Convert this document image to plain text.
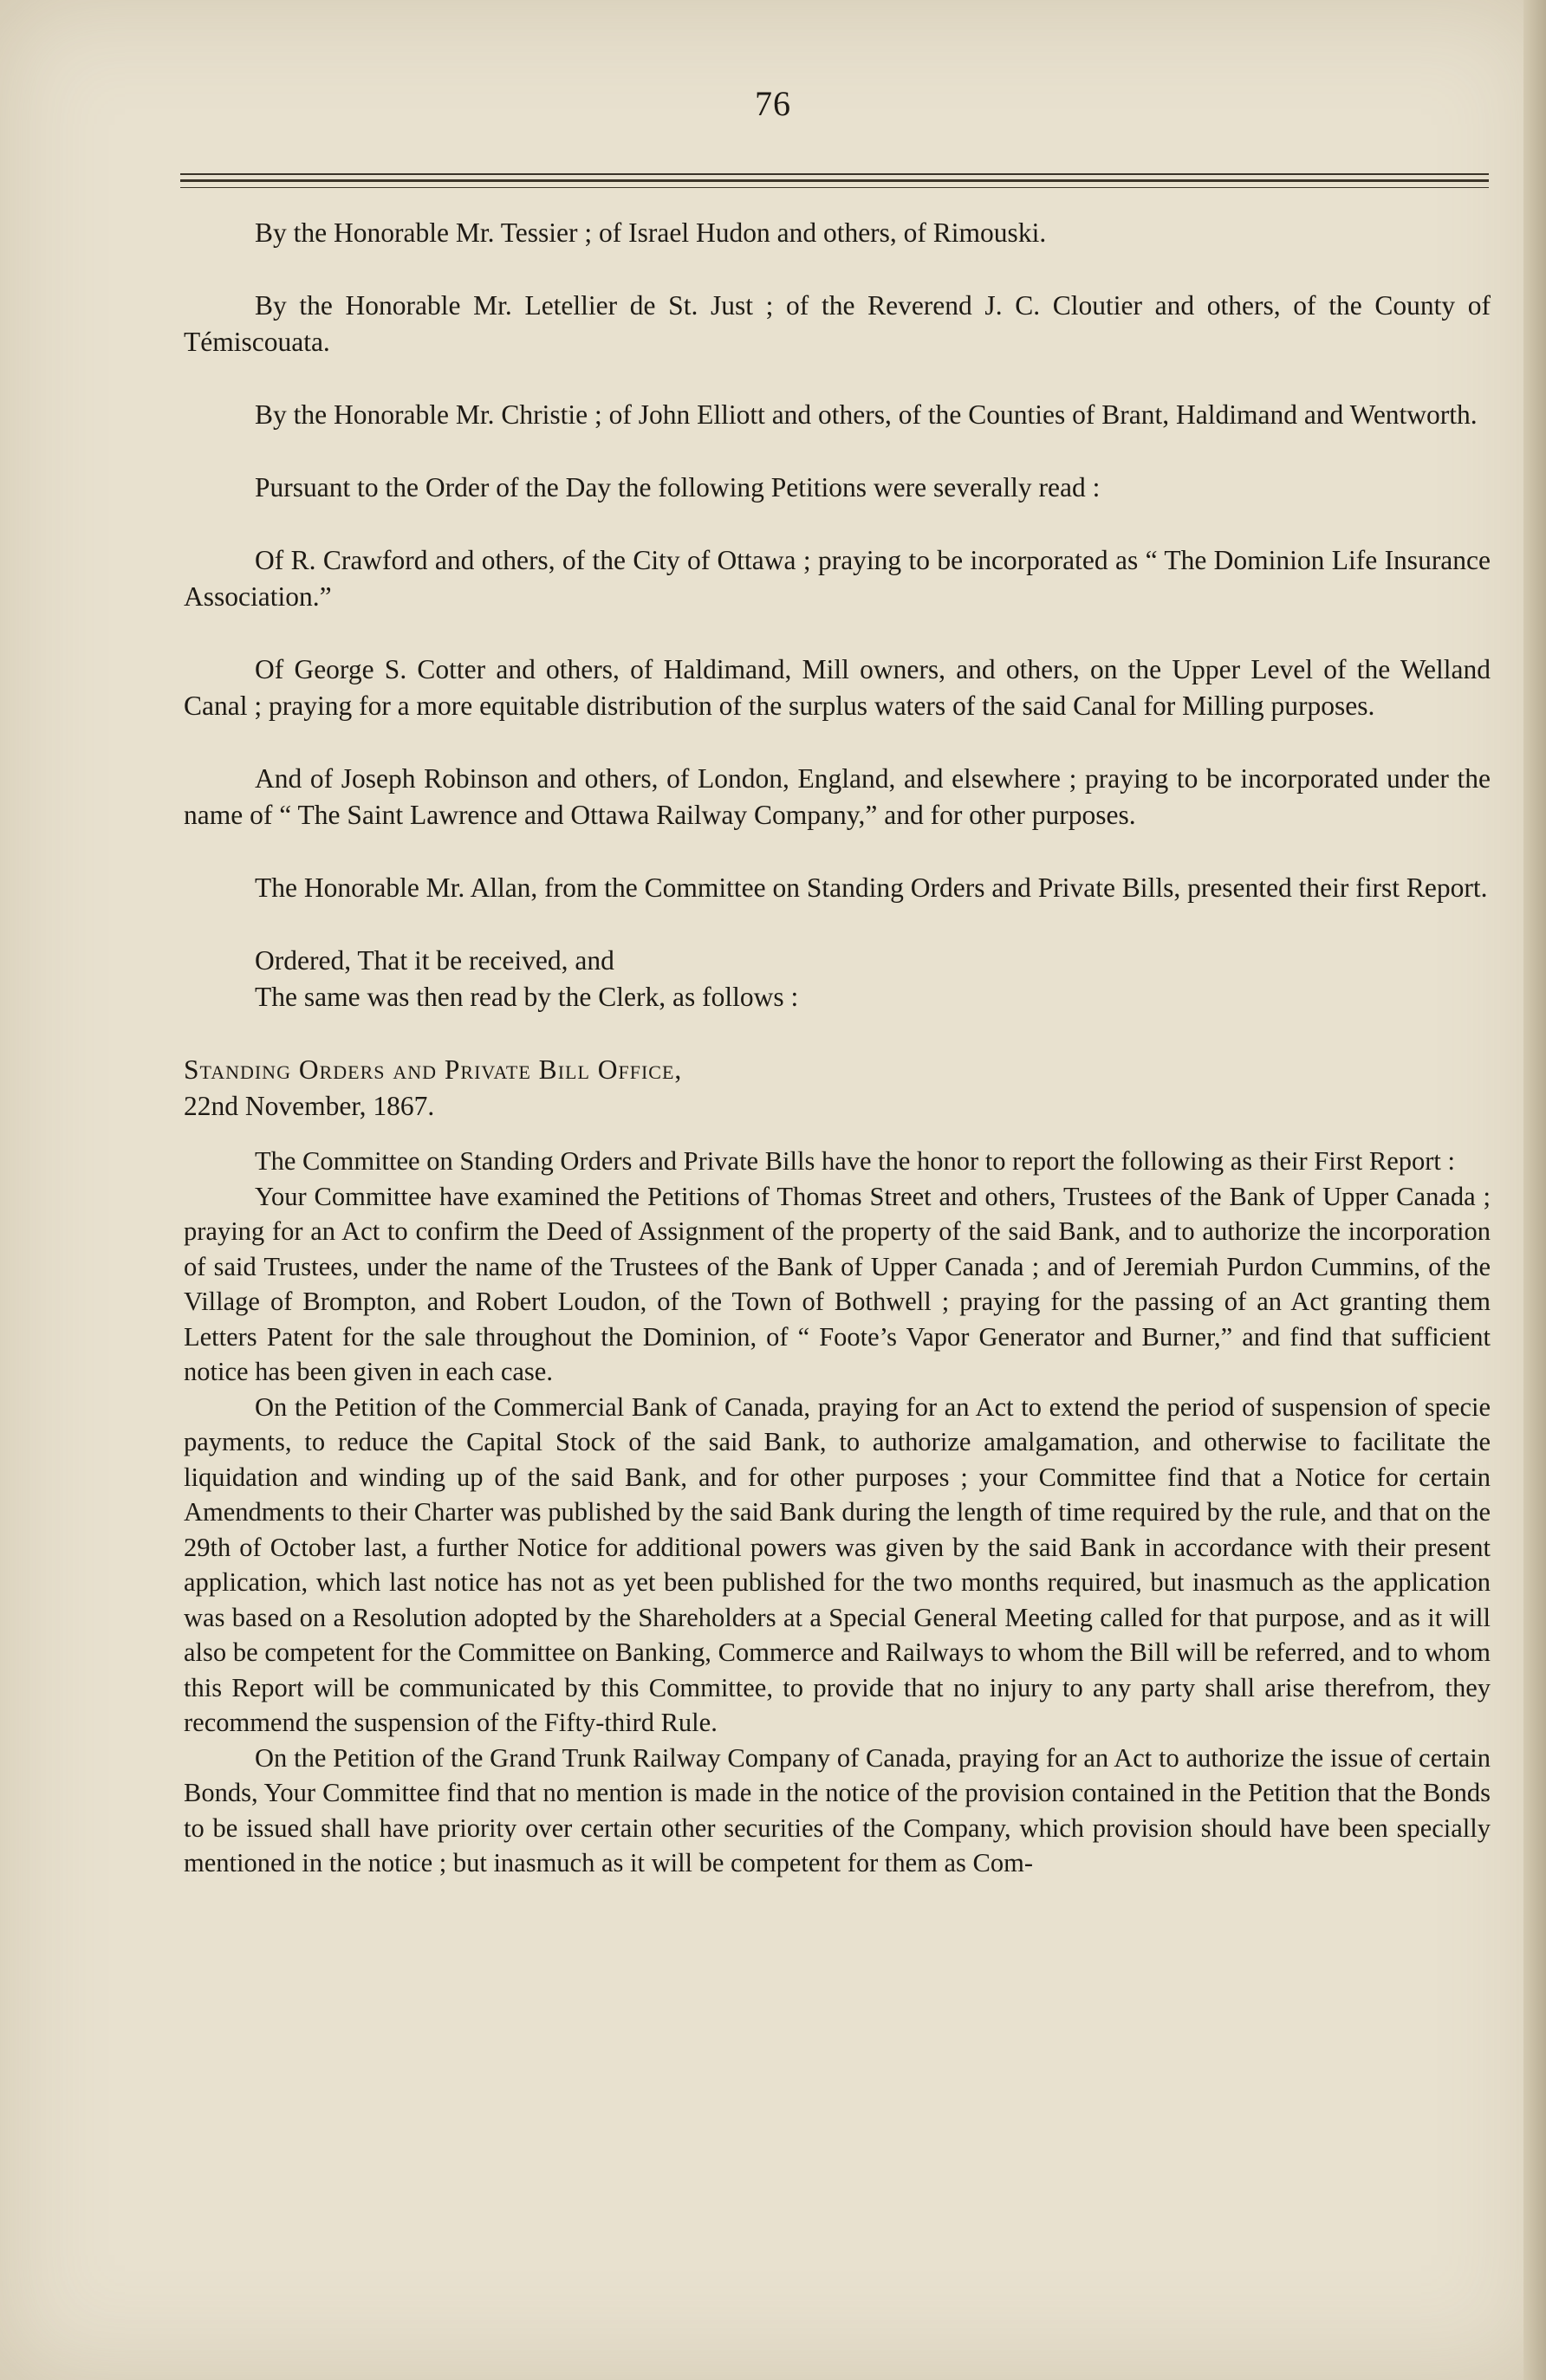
76

By the Honorable Mr. Tessier ; of Israel Hudon and others, of Rimouski.

By the Honorable Mr. Letellier de St. Just ; of the Reverend J. C. Cloutier and others, of the County of Témiscouata.

By the Honorable Mr. Christie ; of John Elliott and others, of the Counties of Brant, Haldimand and Wentworth.

Pursuant to the Order of the Day the following Petitions were severally read :

Of R. Crawford and others, of the City of Ottawa ; praying to be incorporated as “ The Dominion Life Insurance Association.”

Of George S. Cotter and others, of Haldimand, Mill owners, and others, on the Upper Level of the Welland Canal ; praying for a more equitable distribution of the surplus waters of the said Canal for Milling purposes.

And of Joseph Robinson and others, of London, England, and elsewhere ; praying to be incorporated under the name of “ The Saint Lawrence and Ottawa Railway Company,” and for other purposes.

The Honorable Mr. Allan, from the Committee on Standing Orders and Private Bills, presented their first Report.

Ordered, That it be received, and

The same was then read by the Clerk, as follows :

Standing Orders and Private Bill Office,

22nd November, 1867.

The Committee on Standing Orders and Private Bills have the honor to report the following as their First Report :

Your Committee have examined the Petitions of Thomas Street and others, Trustees of the Bank of Upper Canada ; praying for an Act to confirm the Deed of Assignment of the property of the said Bank, and to authorize the incorporation of said Trustees, under the name of the Trustees of the Bank of Upper Canada ; and of Jeremiah Purdon Cummins, of the Village of Brompton, and Robert Loudon, of the Town of Bothwell ; praying for the passing of an Act granting them Letters Patent for the sale throughout the Dominion, of “ Foote’s Vapor Generator and Burner,” and find that sufficient notice has been given in each case.

On the Petition of the Commercial Bank of Canada, praying for an Act to extend the period of suspension of specie payments, to reduce the Capital Stock of the said Bank, to authorize amalgamation, and otherwise to facilitate the liquidation and winding up of the said Bank, and for other purposes ; your Committee find that a Notice for certain Amendments to their Charter was published by the said Bank during the length of time required by the rule, and that on the 29th of October last, a further Notice for additional powers was given by the said Bank in accordance with their present application, which last notice has not as yet been published for the two months required, but inasmuch as the application was based on a Resolution adopted by the Shareholders at a Special General Meeting called for that purpose, and as it will also be competent for the Committee on Banking, Commerce and Railways to whom the Bill will be referred, and to whom this Report will be communicated by this Committee, to provide that no injury to any party shall arise therefrom, they recommend the suspension of the Fifty-third Rule.

On the Petition of the Grand Trunk Railway Company of Canada, praying for an Act to authorize the issue of certain Bonds, Your Committee find that no mention is made in the notice of the provision contained in the Petition that the Bonds to be issued shall have priority over certain other securities of the Company, which provision should have been specially mentioned in the notice ; but inasmuch as it will be competent for them as Com-
